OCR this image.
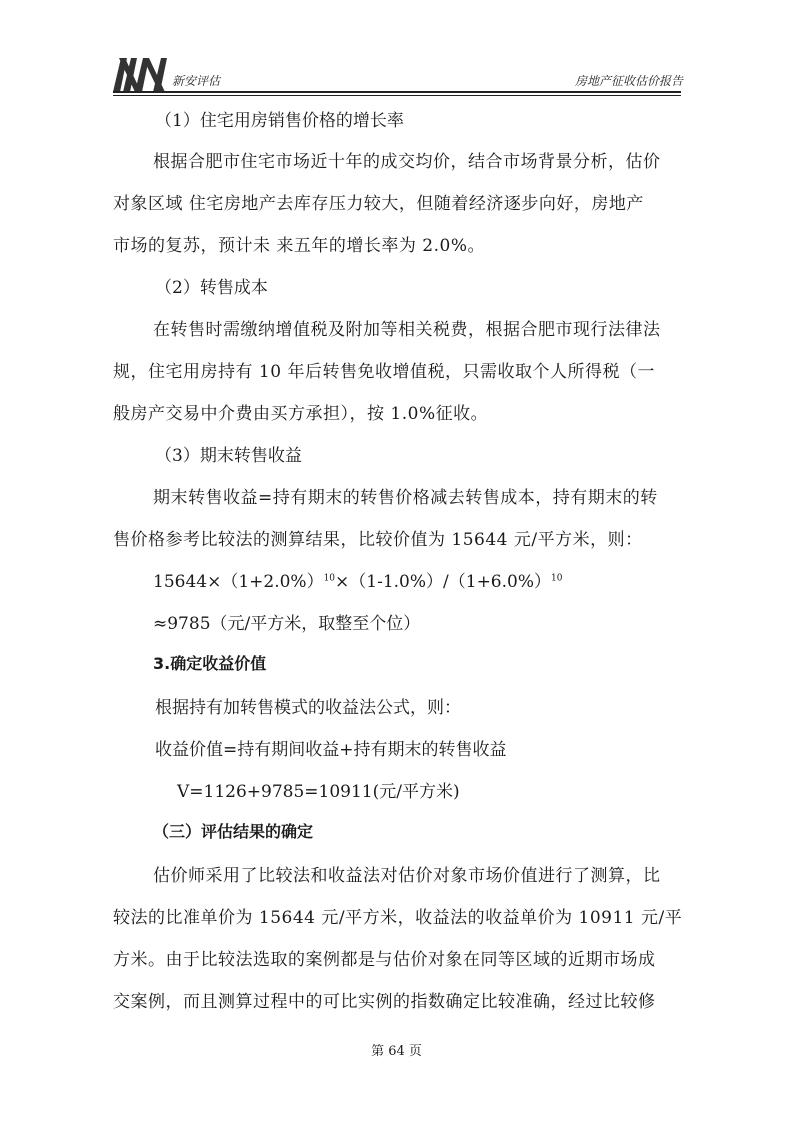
新安评估	房地产征收估价报告
（1）住宅用房销售价格的增长率
根据合肥市住宅市场近十年的成交均价，结合市场背景分析，估价
对象区域 住宅房地产去库存压力较大，但随着经济逐步向好，房地产
市场的复苏，预计未 来五年的增长率为 2.0%。
（2）转售成本
在转售时需缴纳增值税及附加等相关税费，根据合肥市现行法律法
规，住宅用房持有 10 年后转售免收增值税，只需收取个人所得税（一
般房产交易中介费由买方承担），按 1.0%征收。
（3）期末转售收益
期末转售收益=持有期末的转售价格减去转售成本，持有期末的转
售价格参考比较法的测算结果，比较价值为 15644 元/平方米，则：
$15644\times(1+2.0\%)^{10}\times(1-1.0\%)/(1+6.0\%)^{10}$
≈9785（元/平方米，取整至个位）
3.确定收益价值
根据持有加转售模式的收益法公式，则：
收益价值=持有期间收益+持有期末的转售收益
V=1126+9785=10911(元/平方米)
（三）评估结果的确定
估价师采用了比较法和收益法对估价对象市场价值进行了测算，比
较法的比准单价为 15644 元/平方米，收益法的收益单价为 10911 元/平
方米。由于比较法选取的案例都是与估价对象在同等区域的近期市场成
交案例，而且测算过程中的可比实例的指数确定比较准确，经过比较修
第 64 页
